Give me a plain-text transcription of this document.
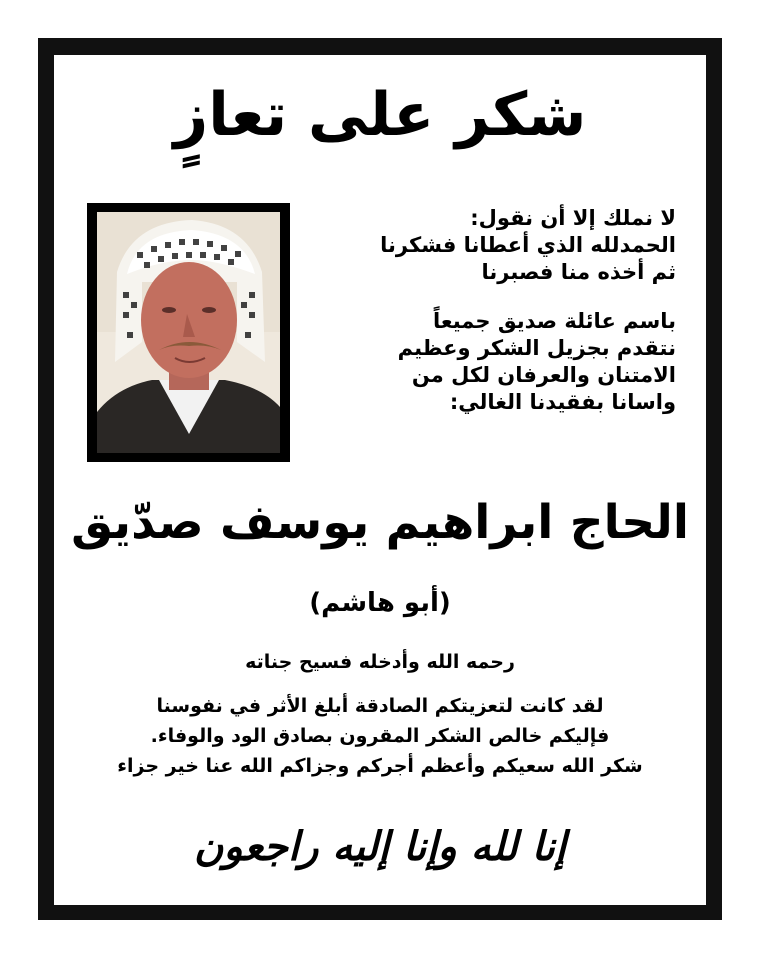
شكر على تعازٍ
لا نملك إلا أن نقول:
الحمدلله الذي أعطانا فشكرنا
ثم أخذه منا فصبرنا
باسم عائلة صديق جميعاً
نتقدم بجزيل الشكر وعظيم
الامتنان والعرفان لكل من
واسانا بفقيدنا الغالي:
الحاج ابراهيم يوسف صدّيق
(أبو هاشم)
رحمه الله وأدخله فسيح جناته
لقد كانت لتعزيتكم الصادقة أبلغ الأثر في نفوسنا
فإليكم خالص الشكر المقرون بصادق الود والوفاء.
شكر الله سعيكم وأعظم أجركم وجزاكم الله عنا خير جزاء
إنا لله وإنا إليه راجعون
